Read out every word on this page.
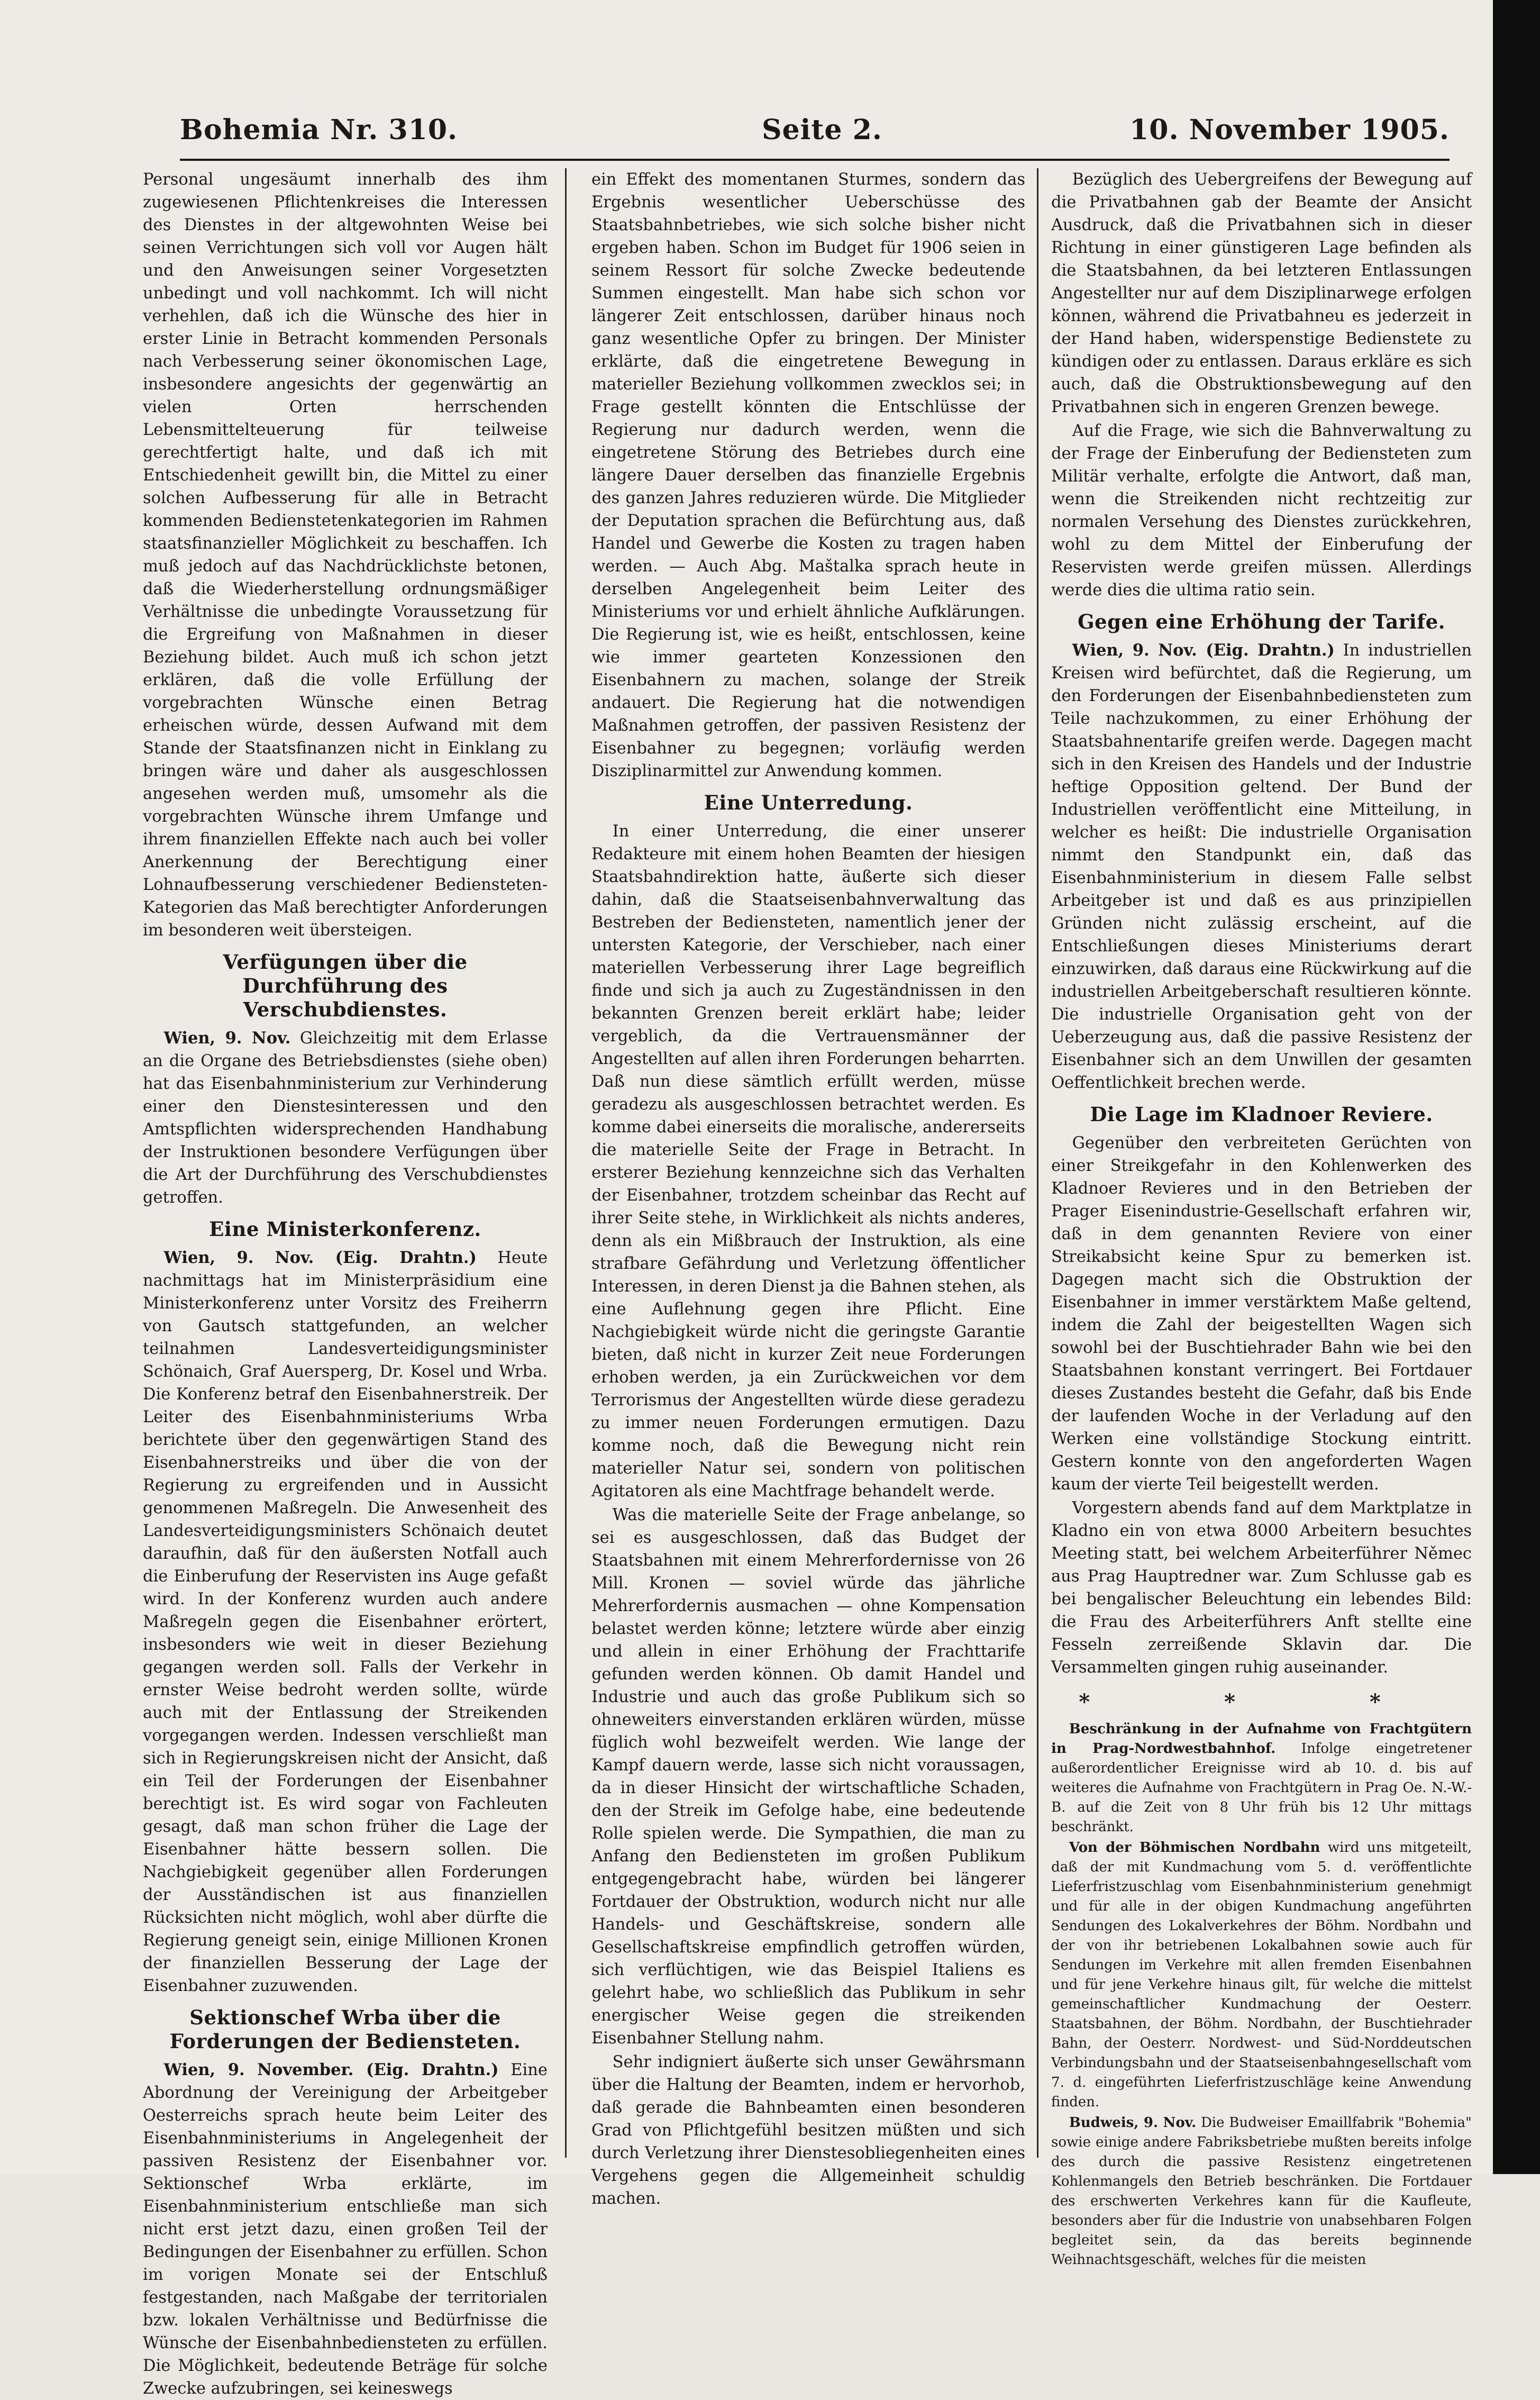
Bohemia Nr. 310.	Seite 2.	10. November 1905.

Personal ungesäumt innerhalb des ihm zugewiesenen Pflichtenkreises die Interessen des Dienstes in der altgewohnten Weise bei seinen Verrichtungen sich voll vor Augen hält und den Anweisungen seiner Vorgesetzten unbedingt und voll nachkommt. Ich will nicht verhehlen, daß ich die Wünsche des hier in erster Linie in Betracht kommenden Personals nach Verbesserung seiner ökonomischen Lage, insbesondere angesichts der gegenwärtig an vielen Orten herrschenden Lebensmittelteuerung für teilweise gerechtfertigt halte, und daß ich mit Entschiedenheit gewillt bin, die Mittel zu einer solchen Aufbesserung für alle in Betracht kommenden Bedienstetenkategorien im Rahmen staatsfinanzieller Möglichkeit zu beschaffen. Ich muß jedoch auf das Nachdrücklichste betonen, daß die Wiederherstellung ordnungsmäßiger Verhältnisse die unbedingte Voraussetzung für die Ergreifung von Maßnahmen in dieser Beziehung bildet. Auch muß ich schon jetzt erklären, daß die volle Erfüllung der vorgebrachten Wünsche einen Betrag erheischen würde, dessen Aufwand mit dem Stande der Staatsfinanzen nicht in Einklang zu bringen wäre und daher als ausgeschlossen angesehen werden muß, umsomehr als die vorgebrachten Wünsche ihrem Umfange und ihrem finanziellen Effekte nach auch bei voller Anerkennung der Berechtigung einer Lohnaufbesserung verschiedener Bediensteten-Kategorien das Maß berechtigter Anforderungen im besonderen weit übersteigen.

Verfügungen über die Durchführung des Verschubdienstes.

Wien, 9. Nov. Gleichzeitig mit dem Erlasse an die Organe des Betriebsdienstes (siehe oben) hat das Eisenbahnministerium zur Verhinderung einer den Dienstesinteressen und den Amtspflichten widersprechenden Handhabung der Instruktionen besondere Verfügungen über die Art der Durchführung des Verschubdienstes getroffen.

Eine Ministerkonferenz.

Wien, 9. Nov. (Eig. Drahtn.) Heute nachmittags hat im Ministerpräsidium eine Ministerkonferenz unter Vorsitz des Freiherrn von Gautsch stattgefunden, an welcher teilnahmen Landesverteidigungsminister Schönaich, Graf Auersperg, Dr. Kosel und Wrba. Die Konferenz betraf den Eisenbahnerstreik. Der Leiter des Eisenbahnministeriums Wrba berichtete über den gegenwärtigen Stand des Eisenbahnerstreiks und über die von der Regierung zu ergreifenden und in Aussicht genommenen Maßregeln. Die Anwesenheit des Landesverteidigungsministers Schönaich deutet daraufhin, daß für den äußersten Notfall auch die Einberufung der Reservisten ins Auge gefaßt wird. In der Konferenz wurden auch andere Maßregeln gegen die Eisenbahner erörtert, insbesonders wie weit in dieser Beziehung gegangen werden soll. Falls der Verkehr in ernster Weise bedroht werden sollte, würde auch mit der Entlassung der Streikenden vorgegangen werden. Indessen verschließt man sich in Regierungskreisen nicht der Ansicht, daß ein Teil der Forderungen der Eisenbahner berechtigt ist. Es wird sogar von Fachleuten gesagt, daß man schon früher die Lage der Eisenbahner hätte bessern sollen. Die Nachgiebigkeit gegenüber allen Forderungen der Ausständischen ist aus finanziellen Rücksichten nicht möglich, wohl aber dürfte die Regierung geneigt sein, einige Millionen Kronen der finanziellen Besserung der Lage der Eisenbahner zuzuwenden.

Sektionschef Wrba über die Forderungen der Bediensteten.

Wien, 9. November. (Eig. Drahtn.) Eine Abordnung der Vereinigung der Arbeitgeber Oesterreichs sprach heute beim Leiter des Eisenbahnministeriums in Angelegenheit der passiven Resistenz der Eisenbahner vor. Sektionschef Wrba erklärte, im Eisenbahnministerium entschließe man sich nicht erst jetzt dazu, einen großen Teil der Bedingungen der Eisenbahner zu erfüllen. Schon im vorigen Monate sei der Entschluß festgestanden, nach Maßgabe der territorialen bzw. lokalen Verhältnisse und Bedürfnisse die Wünsche der Eisenbahnbediensteten zu erfüllen. Die Möglichkeit, bedeutende Beträge für solche Zwecke aufzubringen, sei keineswegs

ein Effekt des momentanen Sturmes, sondern das Ergebnis wesentlicher Ueberschüsse des Staatsbahnbetriebes, wie sich solche bisher nicht ergeben haben. Schon im Budget für 1906 seien in seinem Ressort für solche Zwecke bedeutende Summen eingestellt. Man habe sich schon vor längerer Zeit entschlossen, darüber hinaus noch ganz wesentliche Opfer zu bringen. Der Minister erklärte, daß die eingetretene Bewegung in materieller Beziehung vollkommen zwecklos sei; in Frage gestellt könnten die Entschlüsse der Regierung nur dadurch werden, wenn die eingetretene Störung des Betriebes durch eine längere Dauer derselben das finanzielle Ergebnis des ganzen Jahres reduzieren würde. Die Mitglieder der Deputation sprachen die Befürchtung aus, daß Handel und Gewerbe die Kosten zu tragen haben werden. — Auch Abg. Maštalka sprach heute in derselben Angelegenheit beim Leiter des Ministeriums vor und erhielt ähnliche Aufklärungen. Die Regierung ist, wie es heißt, entschlossen, keine wie immer gearteten Konzessionen den Eisenbahnern zu machen, solange der Streik andauert. Die Regierung hat die notwendigen Maßnahmen getroffen, der passiven Resistenz der Eisenbahner zu begegnen; vorläufig werden Disziplinarmittel zur Anwendung kommen.

Eine Unterredung.

In einer Unterredung, die einer unserer Redakteure mit einem hohen Beamten der hiesigen Staatsbahndirektion hatte, äußerte sich dieser dahin, daß die Staatseisenbahnverwaltung das Bestreben der Bediensteten, namentlich jener der untersten Kategorie, der Verschieber, nach einer materiellen Verbesserung ihrer Lage begreiflich finde und sich ja auch zu Zugeständnissen in den bekannten Grenzen bereit erklärt habe; leider vergeblich, da die Vertrauensmänner der Angestellten auf allen ihren Forderungen beharrten. Daß nun diese sämtlich erfüllt werden, müsse geradezu als ausgeschlossen betrachtet werden. Es komme dabei einerseits die moralische, andererseits die materielle Seite der Frage in Betracht. In ersterer Beziehung kennzeichne sich das Verhalten der Eisenbahner, trotzdem scheinbar das Recht auf ihrer Seite stehe, in Wirklichkeit als nichts anderes, denn als ein Mißbrauch der Instruktion, als eine strafbare Gefährdung und Verletzung öffentlicher Interessen, in deren Dienst ja die Bahnen stehen, als eine Auflehnung gegen ihre Pflicht. Eine Nachgiebigkeit würde nicht die geringste Garantie bieten, daß nicht in kurzer Zeit neue Forderungen erhoben werden, ja ein Zurückweichen vor dem Terrorismus der Angestellten würde diese geradezu zu immer neuen Forderungen ermutigen. Dazu komme noch, daß die Bewegung nicht rein materieller Natur sei, sondern von politischen Agitatoren als eine Machtfrage behandelt werde.

Was die materielle Seite der Frage anbelange, so sei es ausgeschlossen, daß das Budget der Staatsbahnen mit einem Mehrerfordernisse von 26 Mill. Kronen — soviel würde das jährliche Mehrerfordernis ausmachen — ohne Kompensation belastet werden könne; letztere würde aber einzig und allein in einer Erhöhung der Frachttarife gefunden werden können. Ob damit Handel und Industrie und auch das große Publikum sich so ohneweiters einverstanden erklären würden, müsse füglich wohl bezweifelt werden. Wie lange der Kampf dauern werde, lasse sich nicht voraussagen, da in dieser Hinsicht der wirtschaftliche Schaden, den der Streik im Gefolge habe, eine bedeutende Rolle spielen werde. Die Sympathien, die man zu Anfang den Bediensteten im großen Publikum entgegengebracht habe, würden bei längerer Fortdauer der Obstruktion, wodurch nicht nur alle Handels- und Geschäftskreise, sondern alle Gesellschaftskreise empfindlich getroffen würden, sich verflüchtigen, wie das Beispiel Italiens es gelehrt habe, wo schließlich das Publikum in sehr energischer Weise gegen die streikenden Eisenbahner Stellung nahm.

Sehr indigniert äußerte sich unser Gewährsmann über die Haltung der Beamten, indem er hervorhob, daß gerade die Bahnbeamten einen besonderen Grad von Pflichtgefühl besitzen müßten und sich durch Verletzung ihrer Dienstesobliegenheiten eines Vergehens gegen die Allgemeinheit schuldig machen.

Bezüglich des Uebergreifens der Bewegung auf die Privatbahnen gab der Beamte der Ansicht Ausdruck, daß die Privatbahnen sich in dieser Richtung in einer günstigeren Lage befinden als die Staatsbahnen, da bei letzteren Entlassungen Angestellter nur auf dem Disziplinarwege erfolgen können, während die Privatbahneu es jederzeit in der Hand haben, widerspenstige Bedienstete zu kündigen oder zu entlassen. Daraus erkläre es sich auch, daß die Obstruktionsbewegung auf den Privatbahnen sich in engeren Grenzen bewege.

Auf die Frage, wie sich die Bahnverwaltung zu der Frage der Einberufung der Bediensteten zum Militär verhalte, erfolgte die Antwort, daß man, wenn die Streikenden nicht rechtzeitig zur normalen Versehung des Dienstes zurückkehren, wohl zu dem Mittel der Einberufung der Reservisten werde greifen müssen. Allerdings werde dies die ultima ratio sein.

Gegen eine Erhöhung der Tarife.

Wien, 9. Nov. (Eig. Drahtn.) In industriellen Kreisen wird befürchtet, daß die Regierung, um den Forderungen der Eisenbahnbediensteten zum Teile nachzukommen, zu einer Erhöhung der Staatsbahnentarife greifen werde. Dagegen macht sich in den Kreisen des Handels und der Industrie heftige Opposition geltend. Der Bund der Industriellen veröffentlicht eine Mitteilung, in welcher es heißt: Die industrielle Organisation nimmt den Standpunkt ein, daß das Eisenbahnministerium in diesem Falle selbst Arbeitgeber ist und daß es aus prinzipiellen Gründen nicht zulässig erscheint, auf die Entschließungen dieses Ministeriums derart einzuwirken, daß daraus eine Rückwirkung auf die industriellen Arbeitgeberschaft resultieren könnte. Die industrielle Organisation geht von der Ueberzeugung aus, daß die passive Resistenz der Eisenbahner sich an dem Unwillen der gesamten Oeffentlichkeit brechen werde.

Die Lage im Kladnoer Reviere.

Gegenüber den verbreiteten Gerüchten von einer Streikgefahr in den Kohlenwerken des Kladnoer Revieres und in den Betrieben der Prager Eisenindustrie-Gesellschaft erfahren wir, daß in dem genannten Reviere von einer Streikabsicht keine Spur zu bemerken ist. Dagegen macht sich die Obstruktion der Eisenbahner in immer verstärktem Maße geltend, indem die Zahl der beigestellten Wagen sich sowohl bei der Buschtiehrader Bahn wie bei den Staatsbahnen konstant verringert. Bei Fortdauer dieses Zustandes besteht die Gefahr, daß bis Ende der laufenden Woche in der Verladung auf den Werken eine vollständige Stockung eintritt. Gestern konnte von den angeforderten Wagen kaum der vierte Teil beigestellt werden.

Vorgestern abends fand auf dem Marktplatze in Kladno ein von etwa 8000 Arbeitern besuchtes Meeting statt, bei welchem Arbeiterführer Němec aus Prag Hauptredner war. Zum Schlusse gab es bei bengalischer Beleuchtung ein lebendes Bild: die Frau des Arbeiterführers Anft stellte eine Fesseln zerreißende Sklavin dar. Die Versammelten gingen ruhig auseinander.

* * *

Beschränkung in der Aufnahme von Frachtgütern in Prag-Nordwestbahnhof. Infolge eingetretener außerordentlicher Ereignisse wird ab 10. d. bis auf weiteres die Aufnahme von Frachtgütern in Prag Oe. N.-W.-B. auf die Zeit von 8 Uhr früh bis 12 Uhr mittags beschränkt.

Von der Böhmischen Nordbahn wird uns mitgeteilt, daß der mit Kundmachung vom 5. d. veröffentlichte Lieferfristzuschlag vom Eisenbahnministerium genehmigt und für alle in der obigen Kundmachung angeführten Sendungen des Lokalverkehres der Böhm. Nordbahn und der von ihr betriebenen Lokalbahnen sowie auch für Sendungen im Verkehre mit allen fremden Eisenbahnen und für jene Verkehre hinaus gilt, für welche die mittelst gemeinschaftlicher Kundmachung der Oesterr. Staatsbahnen, der Böhm. Nordbahn, der Buschtiehrader Bahn, der Oesterr. Nordwest- und Süd-Norddeutschen Verbindungsbahn und der Staatseisenbahngesellschaft vom 7. d. eingeführten Lieferfristzuschläge keine Anwendung finden.

Budweis, 9. Nov. Die Budweiser Emaillfabrik "Bohemia" sowie einige andere Fabriksbetriebe mußten bereits infolge des durch die passive Resistenz eingetretenen Kohlenmangels den Betrieb beschränken. Die Fortdauer des erschwerten Verkehres kann für die Kaufleute, besonders aber für die Industrie von unabsehbaren Folgen begleitet sein, da das bereits beginnende Weihnachtsgeschäft, welches für die meisten
